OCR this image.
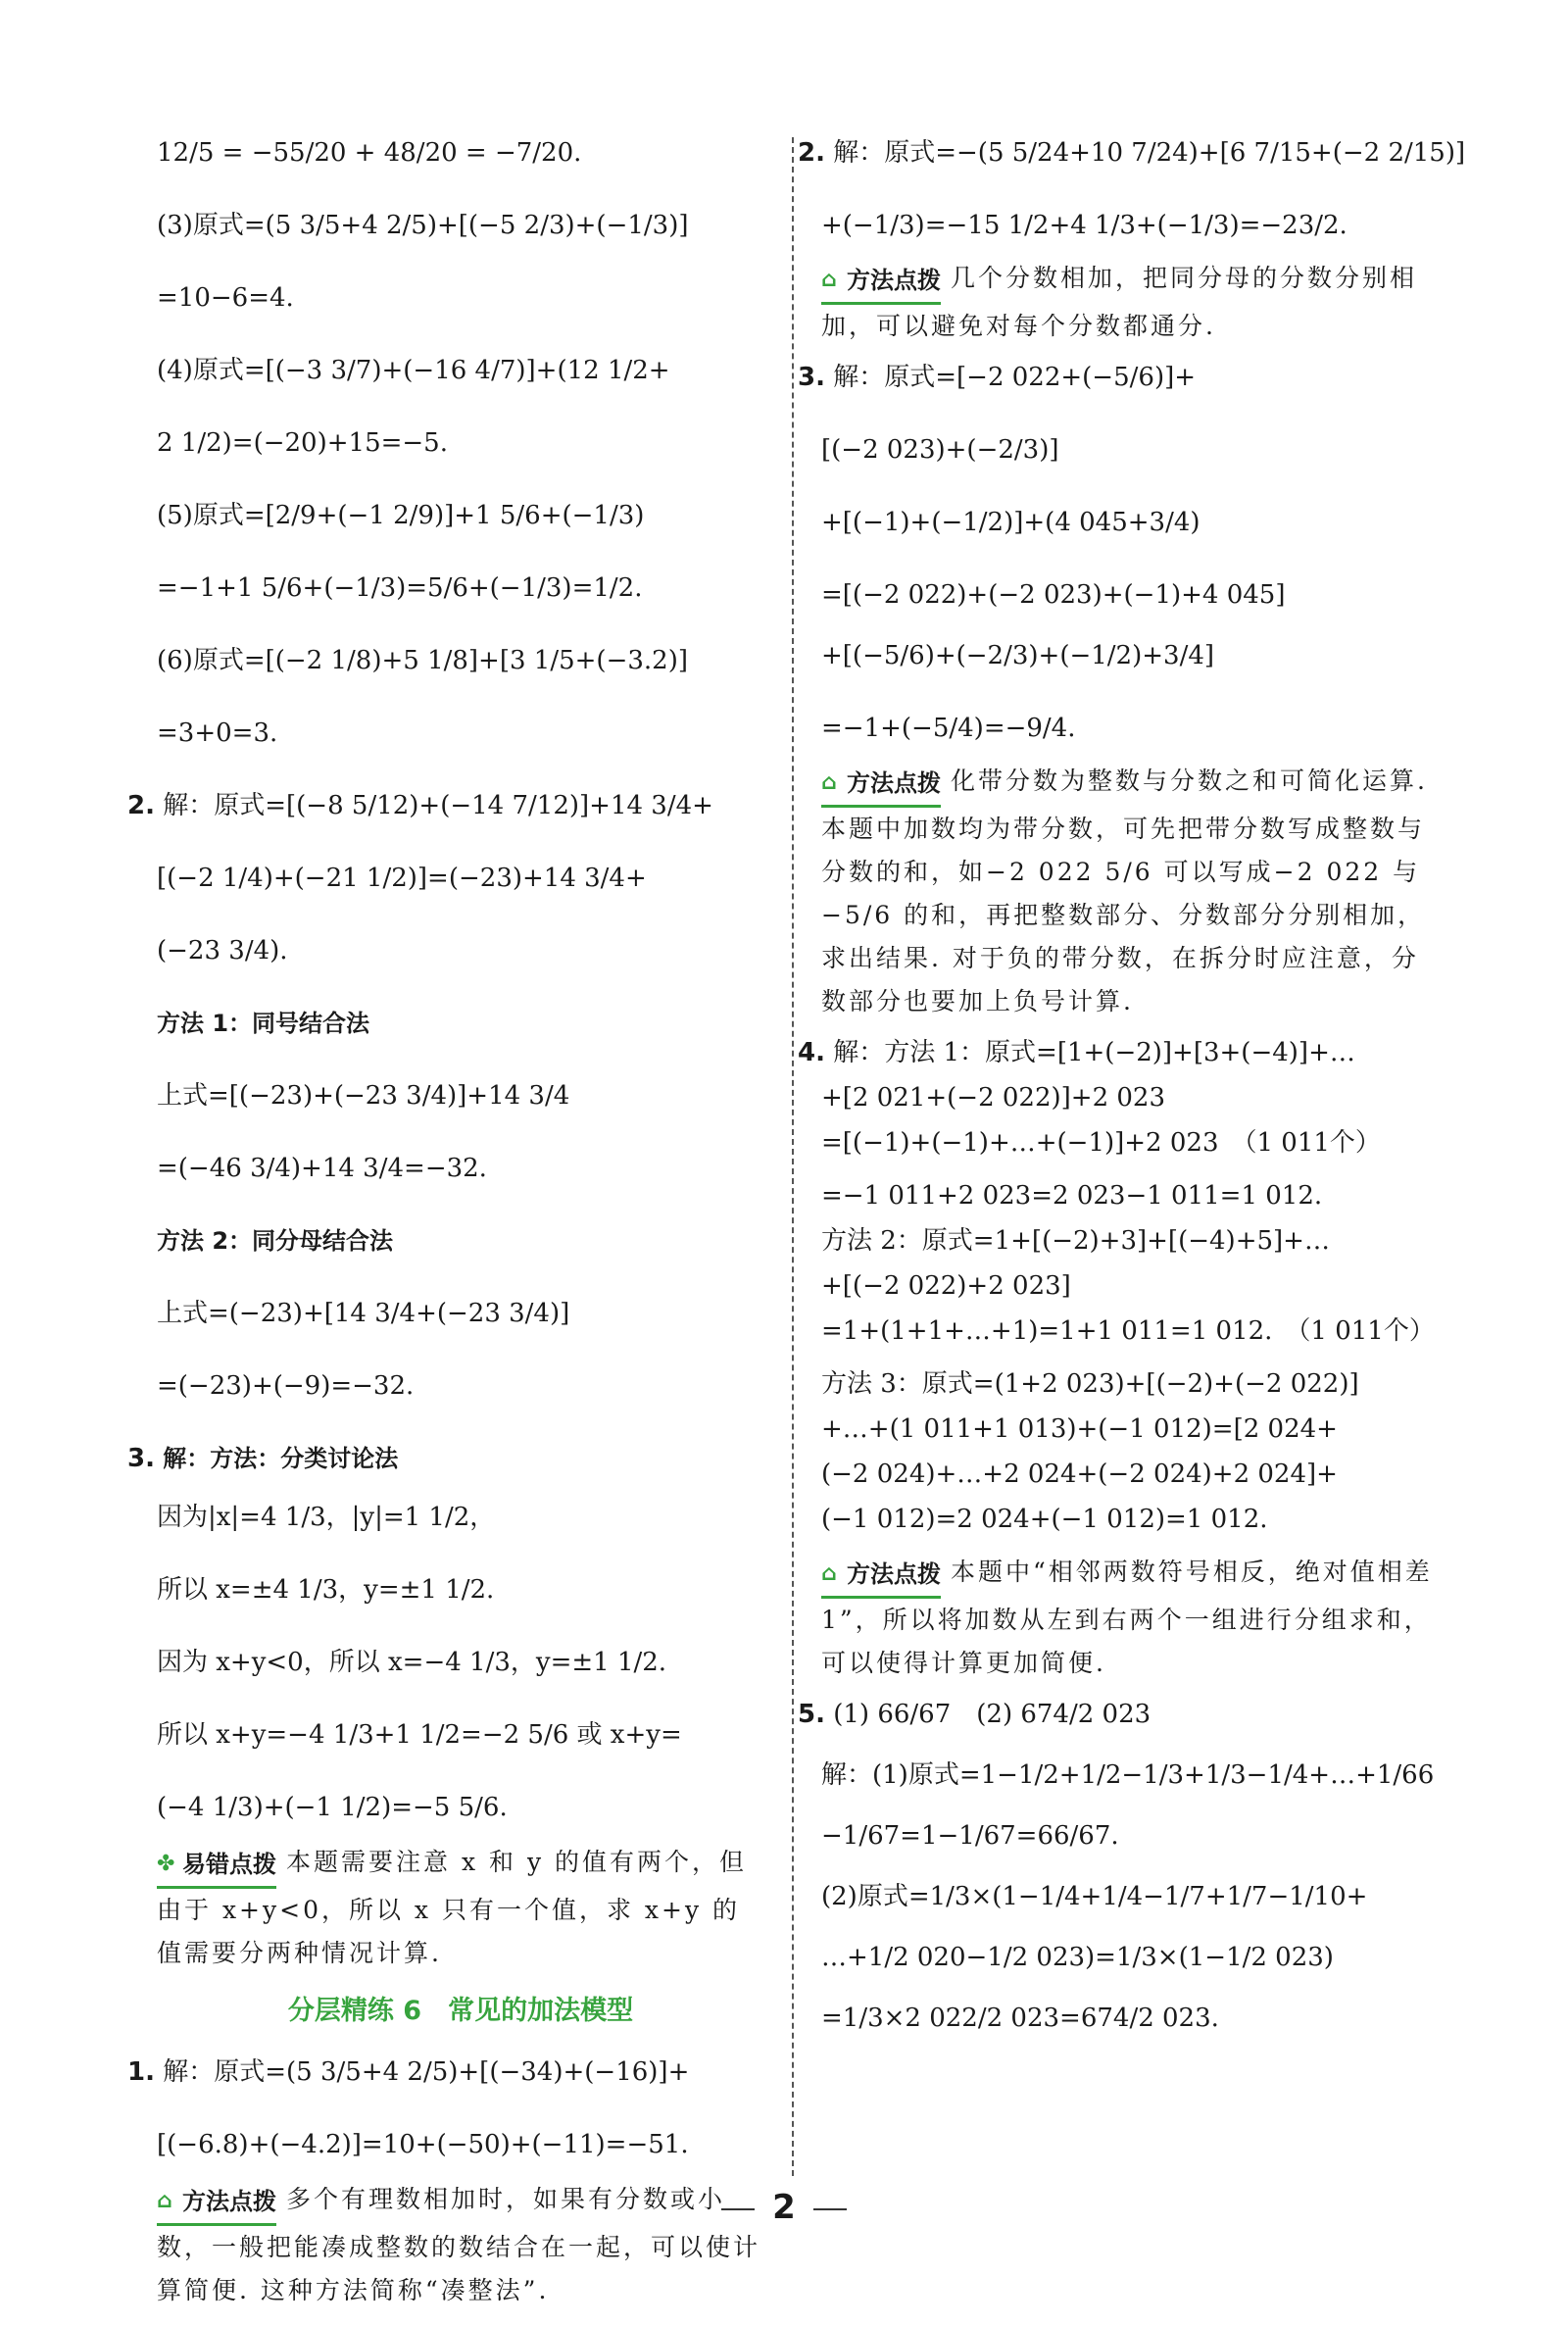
12/5 = −55/20 + 48/20 = −7/20.

(3)原式=(5 3/5+4 2/5)+[(−5 2/3)+(−1/3)]

=10−6=4.

(4)原式=[(−3 3/7)+(−16 4/7)]+(12 1/2+

2 1/2)=(−20)+15=−5.

(5)原式=[2/9+(−1 2/9)]+1 5/6+(−1/3)

=−1+1 5/6+(−1/3)=5/6+(−1/3)=1/2.

(6)原式=[(−2 1/8)+5 1/8]+[3 1/5+(−3.2)]

=3+0=3.

2. 解：原式=[(−8 5/12)+(−14 7/12)]+14 3/4+

[(−2 1/4)+(−21 1/2)]=(−23)+14 3/4+

(−23 3/4).

方法 1：同号结合法

上式=[(−23)+(−23 3/4)]+14 3/4

=(−46 3/4)+14 3/4=−32.

方法 2：同分母结合法

上式=(−23)+[14 3/4+(−23 3/4)]

=(−23)+(−9)=−32.

3. 解：方法：分类讨论法

因为|x|=4 1/3，|y|=1 1/2，

所以 x=±4 1/3，y=±1 1/2.

因为 x+y<0，所以 x=−4 1/3，y=±1 1/2.

所以 x+y=−4 1/3+1 1/2=−2 5/6 或 x+y=

(−4 1/3)+(−1 1/2)=−5 5/6.

✤ 易错点拨 本题需要注意 x 和 y 的值有两个，但由于 x+y<0，所以 x 只有一个值，求 x+y 的值需要分两种情况计算.
分层精练 6　常见的加法模型

1. 解：原式=(5 3/5+4 2/5)+[(−34)+(−16)]+

[(−6.8)+(−4.2)]=10+(−50)+(−11)=−51.

⌂ 方法点拨 多个有理数相加时，如果有分数或小数，一般把能凑成整数的数结合在一起，可以使计算简便. 这种方法简称“凑整法”.

2. 解：原式=−(5 5/24+10 7/24)+[6 7/15+(−2 2/15)]

+(−1/3)=−15 1/2+4 1/3+(−1/3)=−23/2.

⌂ 方法点拨 几个分数相加，把同分母的分数分别相加，可以避免对每个分数都通分.

3. 解：原式=[−2 022+(−5/6)]+

[(−2 023)+(−2/3)]

+[(−1)+(−1/2)]+(4 045+3/4)

=[(−2 022)+(−2 023)+(−1)+4 045]

+[(−5/6)+(−2/3)+(−1/2)+3/4]

=−1+(−5/4)=−9/4.

⌂ 方法点拨 化带分数为整数与分数之和可简化运算. 本题中加数均为带分数，可先把带分数写成整数与分数的和，如−2 022 5/6 可以写成−2 022 与 −5/6 的和，再把整数部分、分数部分分别相加，求出结果. 对于负的带分数，在拆分时应注意，分数部分也要加上负号计算.

4. 解：方法 1：原式=[1+(−2)]+[3+(−4)]+…

+[2 021+(−2 022)]+2 023

=[(−1)+(−1)+…+(−1)]+2 023　（1 011个）

=−1 011+2 023=2 023−1 011=1 012.

方法 2：原式=1+[(−2)+3]+[(−4)+5]+…

+[(−2 022)+2 023]

=1+(1+1+…+1)=1+1 011=1 012.　（1 011个）

方法 3：原式=(1+2 023)+[(−2)+(−2 022)]

+…+(1 011+1 013)+(−1 012)=[2 024+

(−2 024)+…+2 024+(−2 024)+2 024]+

(−1 012)=2 024+(−1 012)=1 012.

⌂ 方法点拨 本题中“相邻两数符号相反，绝对值相差 1”，所以将加数从左到右两个一组进行分组求和，可以使得计算更加简便.

5. (1) 66/67　(2) 674/2 023

解：(1)原式=1−1/2+1/2−1/3+1/3−1/4+…+1/66

−1/67=1−1/67=66/67.

(2)原式=1/3×(1−1/4+1/4−1/7+1/7−1/10+

…+1/2 020−1/2 023)=1/3×(1−1/2 023)

=1/3×2 022/2 023=674/2 023.

2
